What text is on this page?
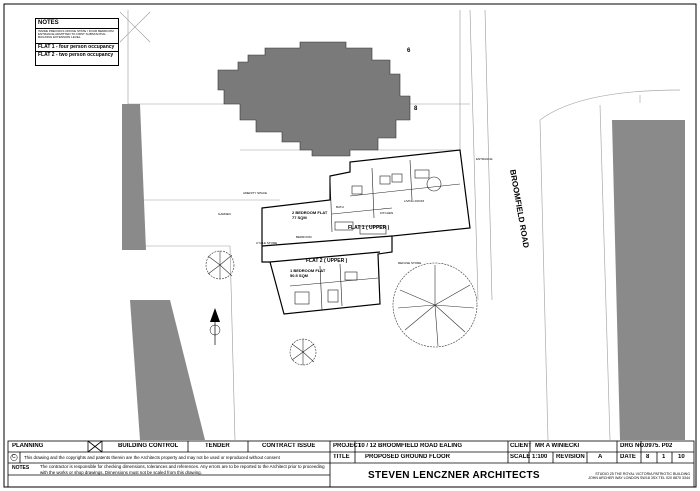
6
8
BROOMFIELD ROAD
FLAT 1 ( UPPER )
FLAT 2 ( UPPER )
2 BEDROOM FLAT
77 SQM
1 BEDROOM FLAT
50.5 SQM
LIVING ROOM
KITCHEN
BEDROOM
BATH
ENTRANCE
GARDEN
REFUSE STORE
CYCLE STORE
AMENITY SPACE
NOTES
INSIDE PREVIOUS OFFICE STATE / FOUR BEDROOM ENTRANCE ADMITTED TO FIRST SUBSTANTIAL BUILDING EXTENSION LEVEL
FLAT 1 - four person occupancy
FLAT 2 - two person occupancy
PLANNING	BUILDING CONTROL	TENDER	CONTRACT ISSUE	PROJECT
10 / 12 BROOMFIELD ROAD EALING	CLIENT MR A WINIECKI	DRG NO. 0975. P02
C This drawing and the copyrights and patents therein are the Architects property and may not be used or reproduced without consent	TITLE	PROPOSED GROUND FLOOR	SCALE 1:100 REVISION A	DATE 8 1 10
NOTES The contractor is responsible for checking dimensions, tolerances and references. Any errors are to be reported to the Architect prior to proceeding with the works or shop drawings. Dimensions must not be scaled from this drawing.	STEVEN LENCZNER ARCHITECTS	STUDIO 25 THE ROYAL VICTORIA PATRIOTIC BUILDING
JOHN ARCHER WAY LONDON SW18 3SX TEL 020 8870 3344
